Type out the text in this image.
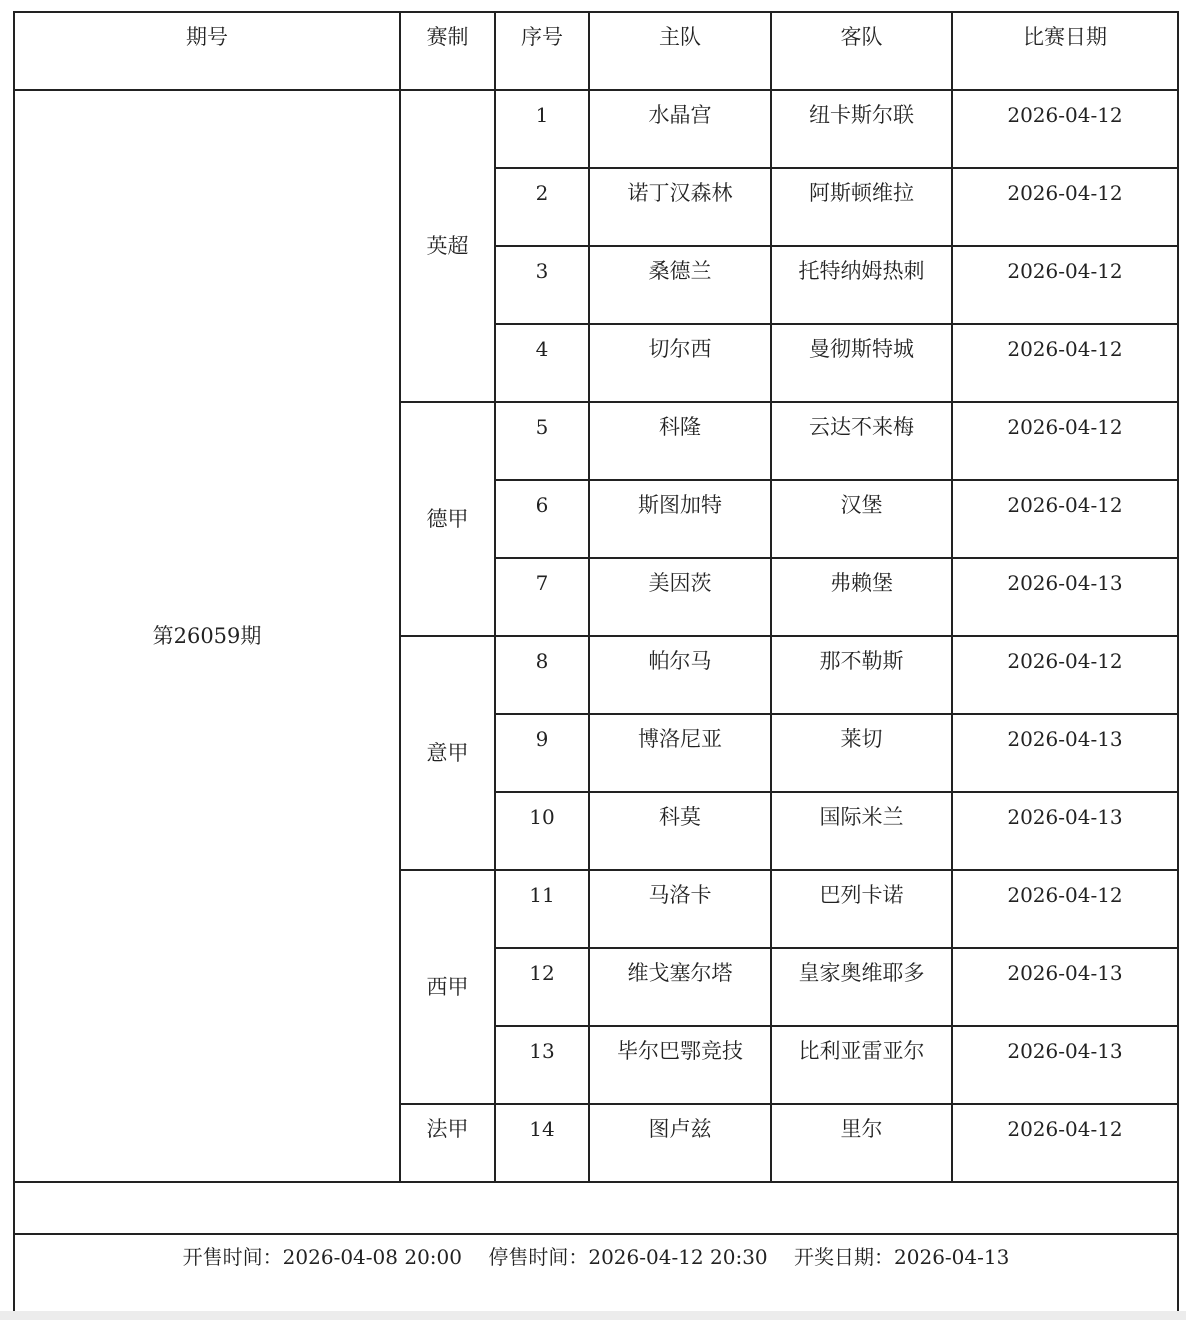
期号	赛制	序号	主队	客队	比赛日期
第26059期	英超	1	水晶宫	纽卡斯尔联	2026-04-12
		2	诺丁汉森林	阿斯顿维拉	2026-04-12
		3	桑德兰	托特纳姆热刺	2026-04-12
		4	切尔西	曼彻斯特城	2026-04-12
	德甲	5	科隆	云达不来梅	2026-04-12
		6	斯图加特	汉堡	2026-04-12
		7	美因茨	弗赖堡	2026-04-13
	意甲	8	帕尔马	那不勒斯	2026-04-12
		9	博洛尼亚	莱切	2026-04-13
		10	科莫	国际米兰	2026-04-13
	西甲	11	马洛卡	巴列卡诺	2026-04-12
		12	维戈塞尔塔	皇家奥维耶多	2026-04-13
		13	毕尔巴鄂竞技	比利亚雷亚尔	2026-04-13
	法甲	14	图卢兹	里尔	2026-04-12

开售时间：2026-04-08 20:00 停售时间：2026-04-12 20:30 开奖日期：2026-04-13					
